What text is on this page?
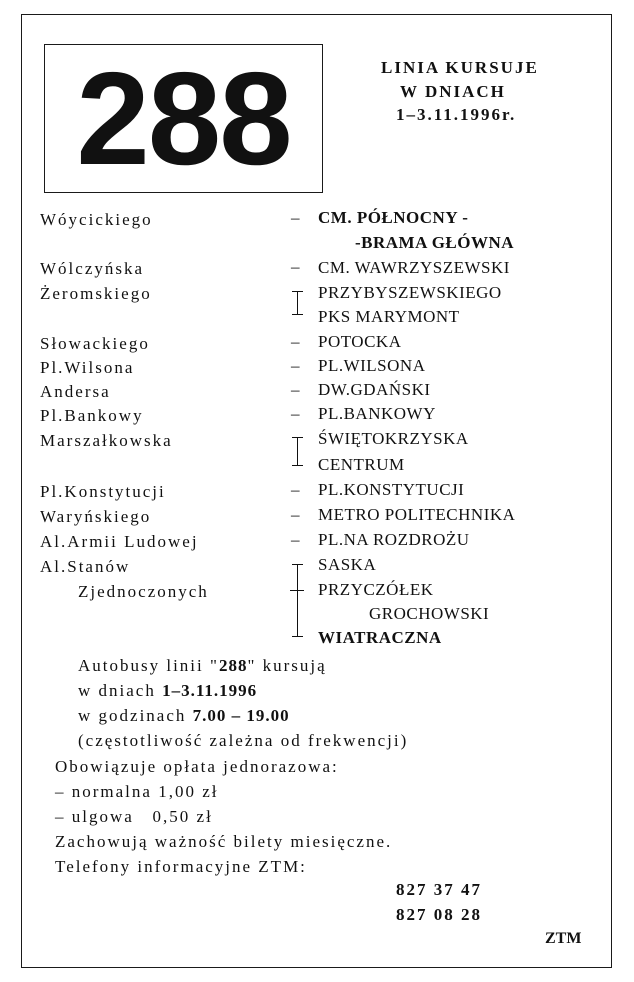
288	LINIA KURSUJE
W DNIACH
1–3.11.1996r.
Wóycickiego
Wólczyńska
Żeromskiego
Słowackiego
Pl.Wilsona
Andersa
Pl.Bankowy
Marszałkowska
Pl.Konstytucji
Waryńskiego
Al.Armii Ludowej
Al.Stanów
Zjednoczonych
–
–
–
–
–
–
–
–
–
CM. PÓŁNOCNY -
-BRAMA GŁÓWNA
CM. WAWRZYSZEWSKI
PRZYBYSZEWSKIEGO
PKS MARYMONT
POTOCKA
PL.WILSONA
DW.GDAŃSKI
PL.BANKOWY
ŚWIĘTOKRZYSKA
CENTRUM
PL.KONSTYTUCJI
METRO POLITECHNIKA
PL.NA ROZDROŻU
SASKA
PRZYCZÓŁEK
GROCHOWSKI
WIATRACZNA
Autobusy linii "288" kursują
w dniach 1–3.11.1996
w godzinach 7.00 – 19.00
(częstotliwość zależna od frekwencji)
Obowiązuje opłata jednorazowa:
– normalna 1,00 zł
– ulgowa   0,50 zł
Zachowują ważność bilety miesięczne.
Telefony informacyjne ZTM:
827 37 47
827 08 28
ZTM
